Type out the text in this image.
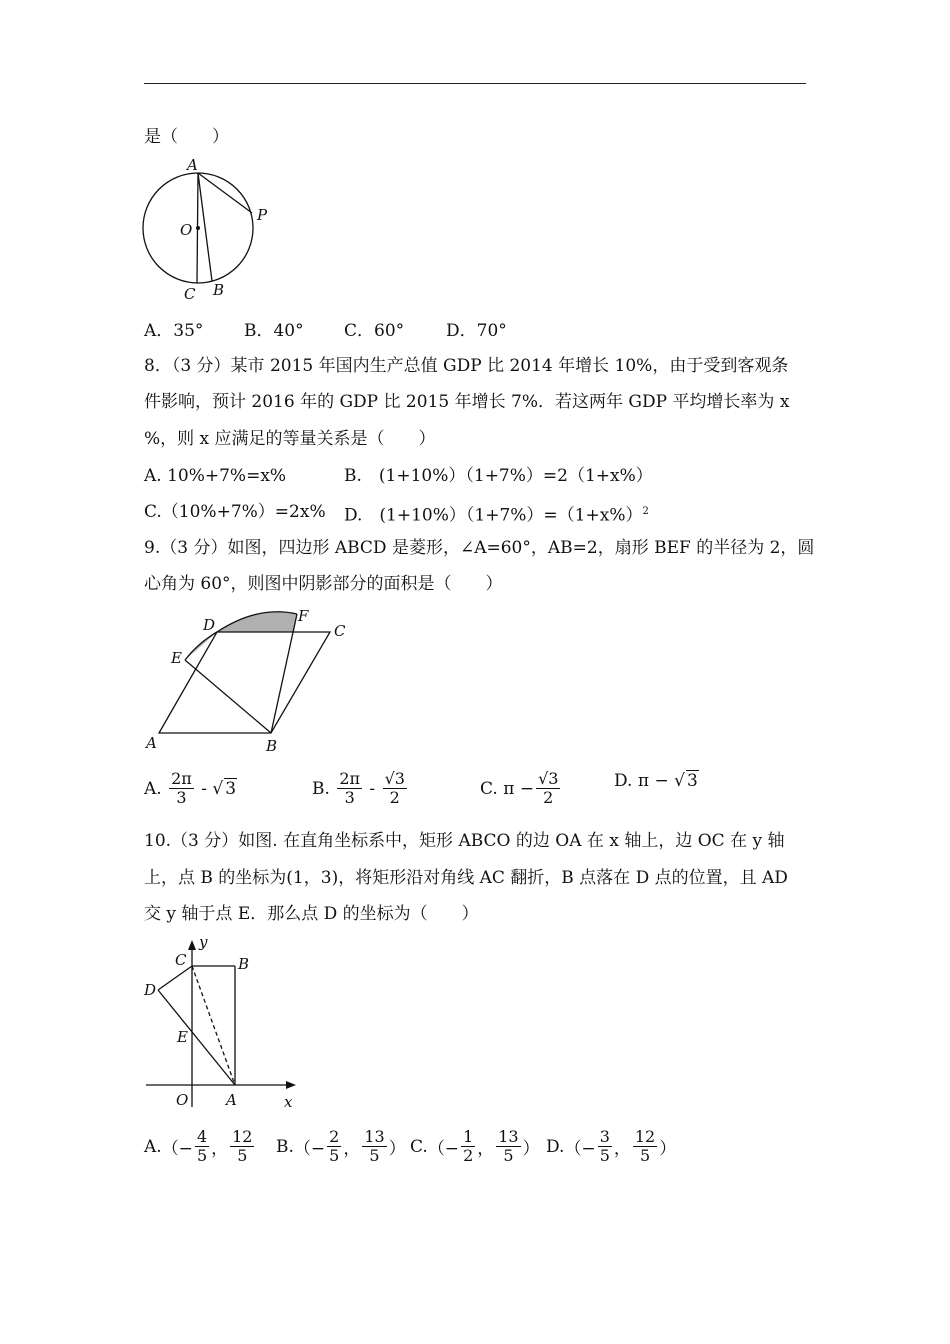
是（　　）
A
P
O
C B
A．35° B．40° C．60° D．70°
8．（3 分）某市 2015 年国内生产总值 GDP 比 2014 年增长 10%，由于受到客观条
件影响，预计 2016 年的 GDP 比 2015 年增长 7%．若这两年 GDP 平均增长率为 x
%，则 x 应满足的等量关系是（　　）
A. 10%+7%=x%	B.　(1+10%）（1+7%）=2（1+x%）
C.（10%+7%）=2x% D.　$(1+10\%)(1+7\%)=(1+x\%)^2$
9.（3 分）如图，四边形 ABCD 是菱形，∠A=60°，AB=2，扇形 BEF 的半径为 2，圆
心角为 60°，则图中阴影部分的面积是（　　）
D	F
C
E
A	B
A.
$\frac{2\pi}{3}$
-
√ 3	B.
$\frac{2\pi}{3}$
-
$\frac{√3}{2}$	C.
π
− $\frac{√3}{2}$	D.
π
−
√ 3
10.（3 分）如图. 在直角坐标系中，矩形 ABCO 的边 OA 在 x 轴上，边 OC 在 y 轴
上，点 B 的坐标为(1，3)，将矩形沿对角线 AC 翻折，B 点落在 D 点的位置，且 AD
交 y 轴于点 E．那么点 D 的坐标为（　　）
y
C	B
D
E
O	A	x
A. （− $\frac{4}{5}$ ， $\frac{12}{5} B$. （− $\frac{2}{5}$ ， $\frac{13}{5}$ ） C. （− $\frac{1}{2}$ ， $\frac{13}{5}$ ） D. （− $\frac{3}{5}$ ， $\frac{12}{5}$ ）
